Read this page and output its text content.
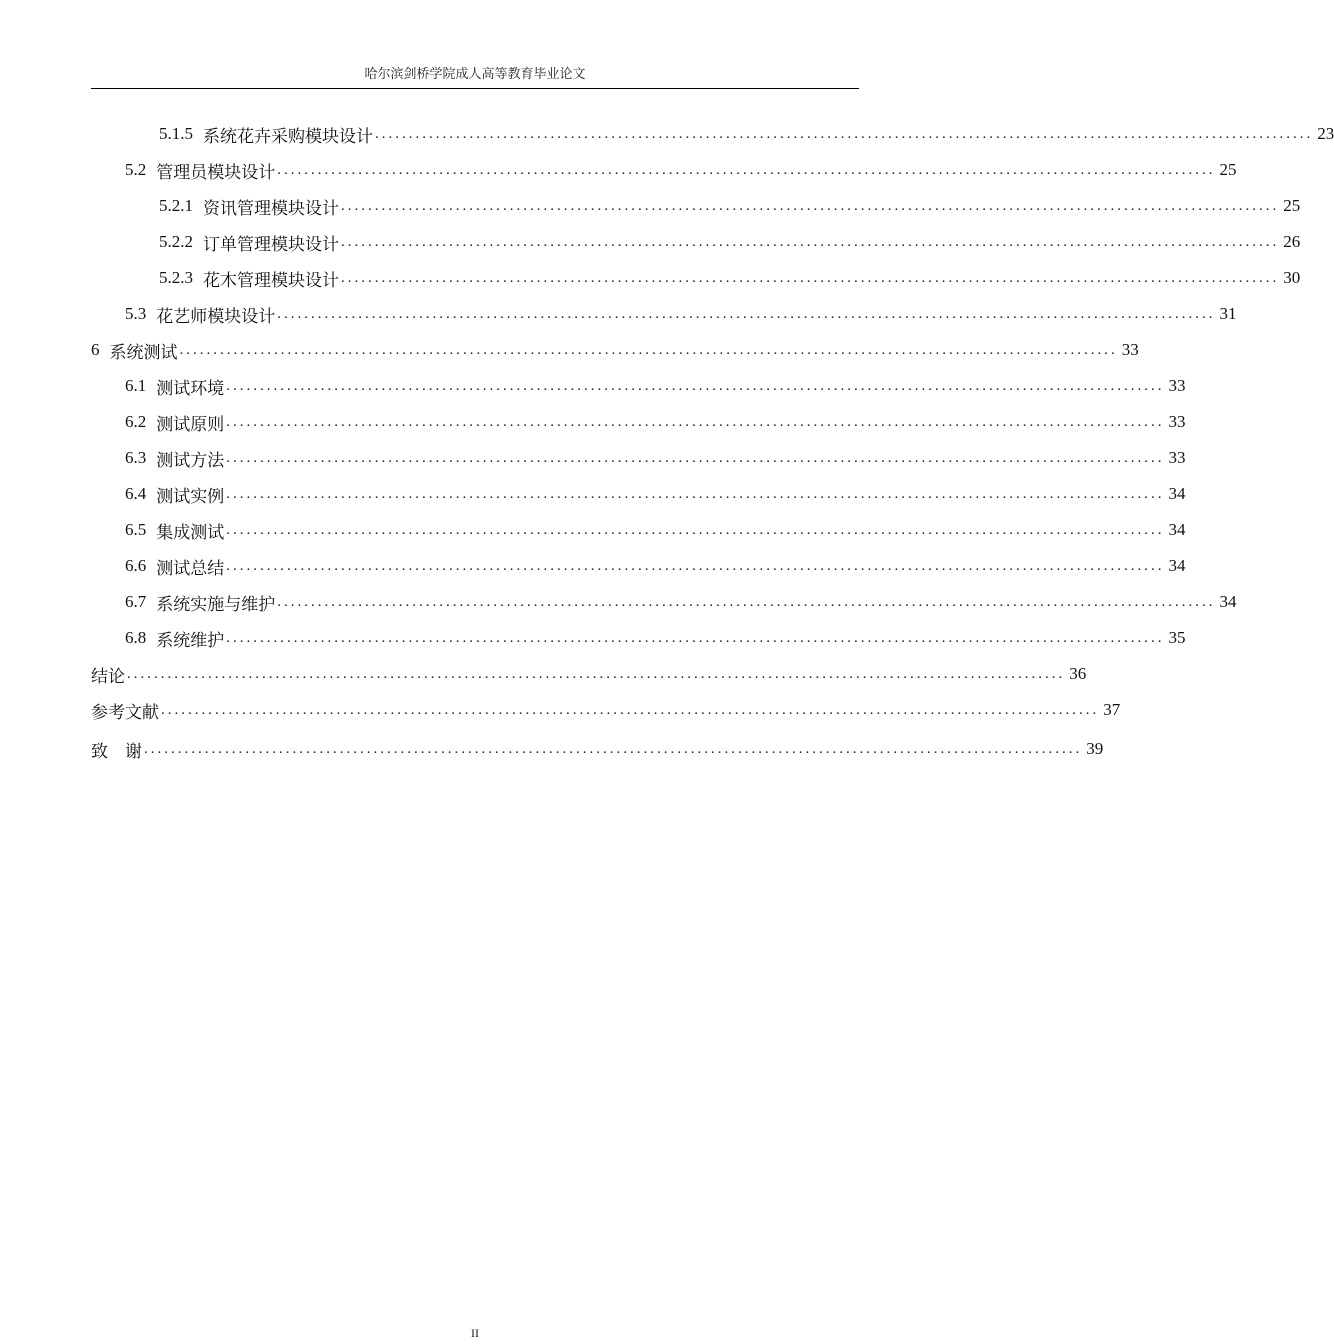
哈尔滨剑桥学院成人高等教育毕业论文
5.1.5 系统花卉采购模块设计 ........................................................................................................................................... 23
5.2 管理员模块设计 ........................................................................................................................................... 25
5.2.1 资讯管理模块设计 ........................................................................................................................................... 25
5.2.2 订单管理模块设计 ........................................................................................................................................... 26
5.2.3 花木管理模块设计 ........................................................................................................................................... 30
5.3 花艺师模块设计 ........................................................................................................................................... 31
6 系统测试 ........................................................................................................................................... 33
6.1 测试环境 ........................................................................................................................................... 33
6.2 测试原则 ........................................................................................................................................... 33
6.3 测试方法 ........................................................................................................................................... 33
6.4 测试实例 ........................................................................................................................................... 34
6.5 集成测试 ........................................................................................................................................... 34
6.6 测试总结 ........................................................................................................................................... 34
6.7 系统实施与维护 ........................................................................................................................................... 34
6.8 系统维护 ........................................................................................................................................... 35
结论 ........................................................................................................................................... 36
参考文献 ........................................................................................................................................... 37
致　谢 ........................................................................................................................................... 39
II
